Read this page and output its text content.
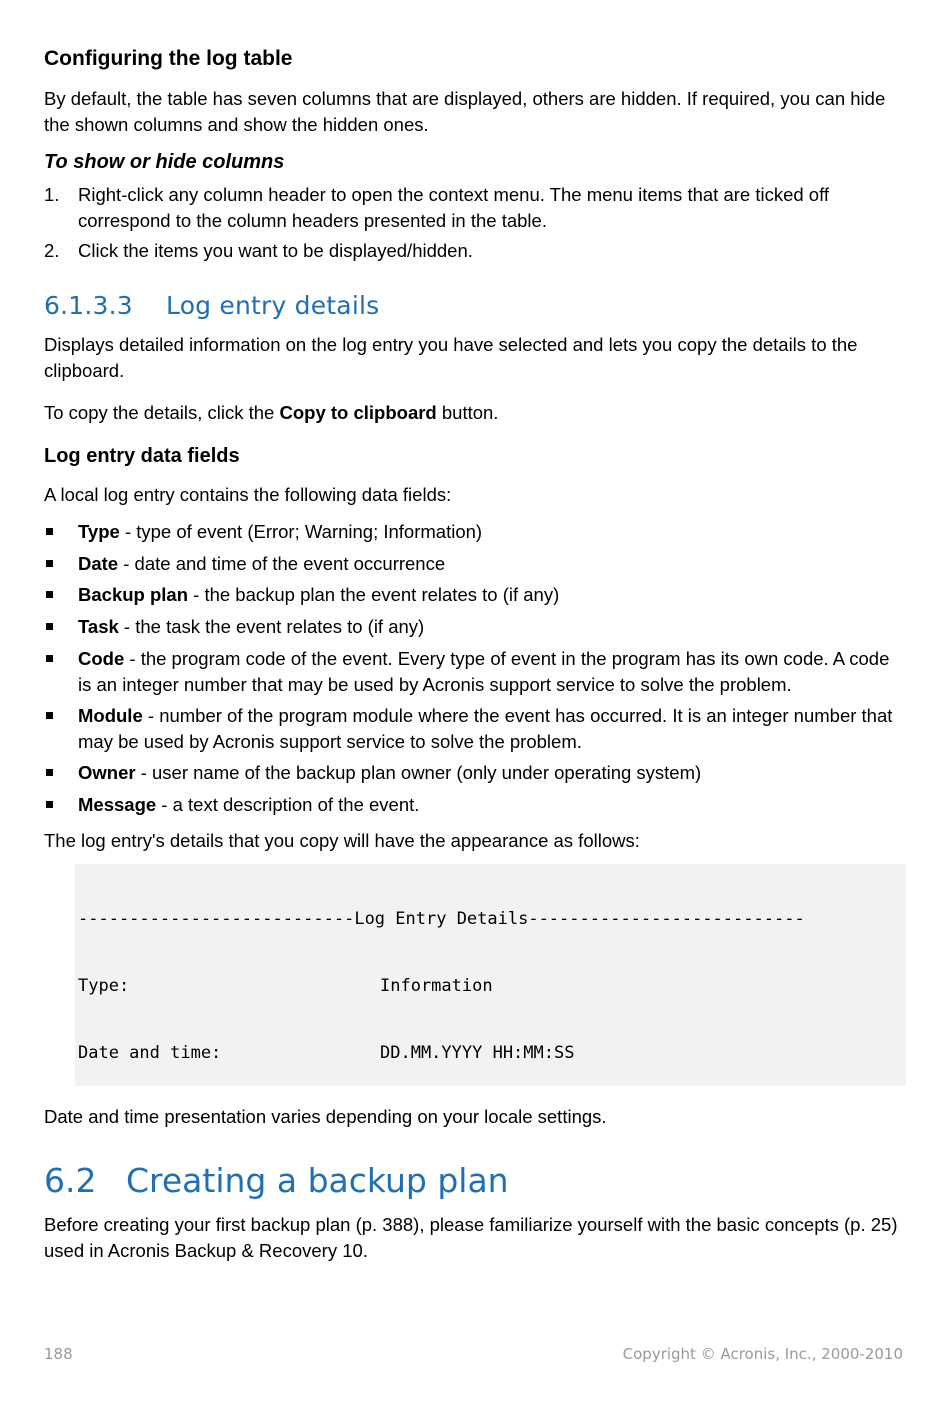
Configuring the log table

By default, the table has seven columns that are displayed, others are hidden. If required, you can hide the shown columns and show the hidden ones.

To show or hide columns
1. Right-click any column header to open the context menu. The menu items that are ticked off correspond to the column headers presented in the table.
2. Click the items you want to be displayed/hidden.
6.1.3.3 Log entry details

Displays detailed information on the log entry you have selected and lets you copy the details to the clipboard.

To copy the details, click the Copy to clipboard button.

Log entry data fields

A local log entry contains the following data fields:

Type - type of event (Error; Warning; Information)
Date - date and time of the event occurrence
Backup plan - the backup plan the event relates to (if any)
Task - the task the event relates to (if any)
Code - the program code of the event. Every type of event in the program has its own code. A code is an integer number that may be used by Acronis support service to solve the problem.
Module - number of the program module where the event has occurred. It is an integer number that may be used by Acronis support service to solve the problem.
Owner - user name of the backup plan owner (only under operating system)
Message - a text description of the event.

The log entry's details that you copy will have the appearance as follows:

---------------------------Log Entry Details---------------------------

Type:	Information

Date and time:	DD.MM.YYYY HH:MM:SS

Date and time presentation varies depending on your locale settings.

6.2 Creating a backup plan

Before creating your first backup plan (p. 388), please familiarize yourself with the basic concepts (p. 25) used in Acronis Backup & Recovery 10.

188	Copyright © Acronis, Inc., 2000-2010
